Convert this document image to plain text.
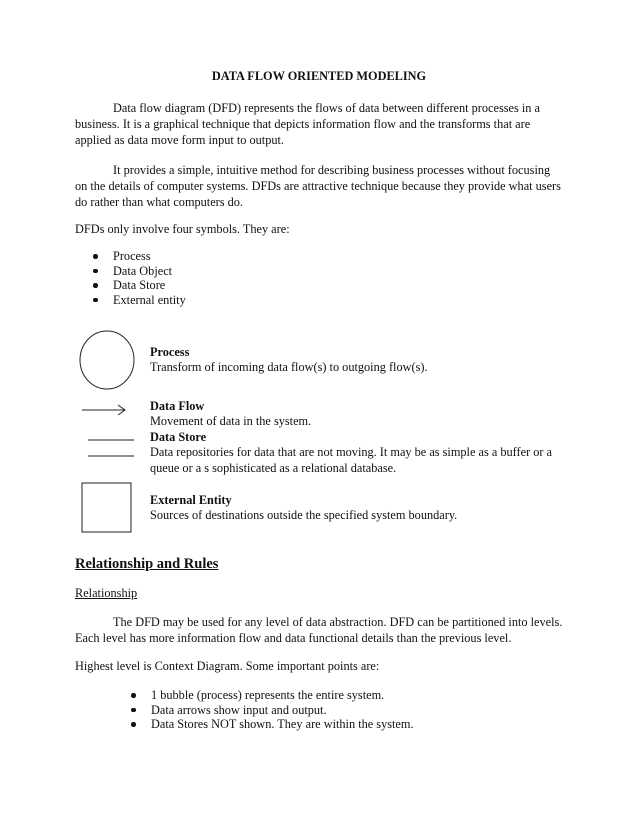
DATA FLOW ORIENTED MODELING

Data flow diagram (DFD) represents the flows of data between different processes in a business. It is a graphical technique that depicts information flow and the transforms that are applied as data move form input to output.

It provides a simple, intuitive method for describing business processes without focusing on the details of computer systems. DFDs are attractive technique because they provide what users do rather than what computers do.

DFDs only involve four symbols. They are:

Process
Data Object
Data Store
External entity
Process
Transform of incoming data flow(s) to outgoing flow(s).
Data Flow
Movement of data in the system.
Data Store
Data repositories for data that are not moving. It may be as simple as a buffer or a queue or a s sophisticated as a relational database.
External Entity
Sources of destinations outside the specified system boundary.

Relationship and Rules

Relationship

The DFD may be used for any level of data abstraction. DFD can be partitioned into levels. Each level has more information flow and data functional details than the previous level.

Highest level is Context Diagram. Some important points are:

1 bubble (process) represents the entire system.
Data arrows show input and output.
Data Stores NOT shown. They are within the system.
